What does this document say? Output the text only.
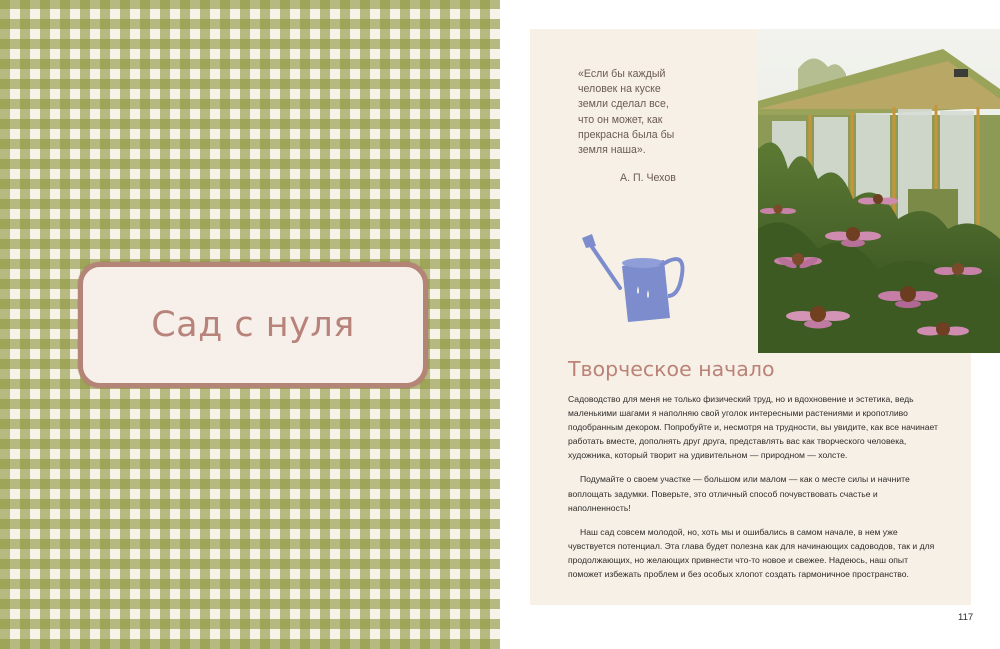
Сад с нуля
«Если бы каждый
человек на куске
земли сделал все,
что он может, как
прекрасна была бы
земля наша».
А. П. Чехов
Творческое начало

Садоводство для меня не только физический труд, но и вдохновение и эстетика, ведь маленькими шагами я наполняю свой уголок интересными растениями и кропотливо подобранным декором. Попробуйте и, несмотря на трудности, вы увидите, как все начинает работать вместе, дополнять друг друга, представлять вас как творческого человека, художника, который творит на удивительном — природном — холсте.

Подумайте о своем участке — большом или малом — как о месте силы и начните воплощать задумки. Поверьте, это отличный способ почувствовать счастье и наполненность!

Наш сад совсем молодой, но, хоть мы и ошибались в самом начале, в нем уже чувствуется потенциал. Эта глава будет полезна как для начинающих садоводов, так и для продолжающих, но желающих привнести что-то новое и свежее. Надеюсь, наш опыт поможет избежать проблем и без особых хлопот создать гармоничное пространство.

117
